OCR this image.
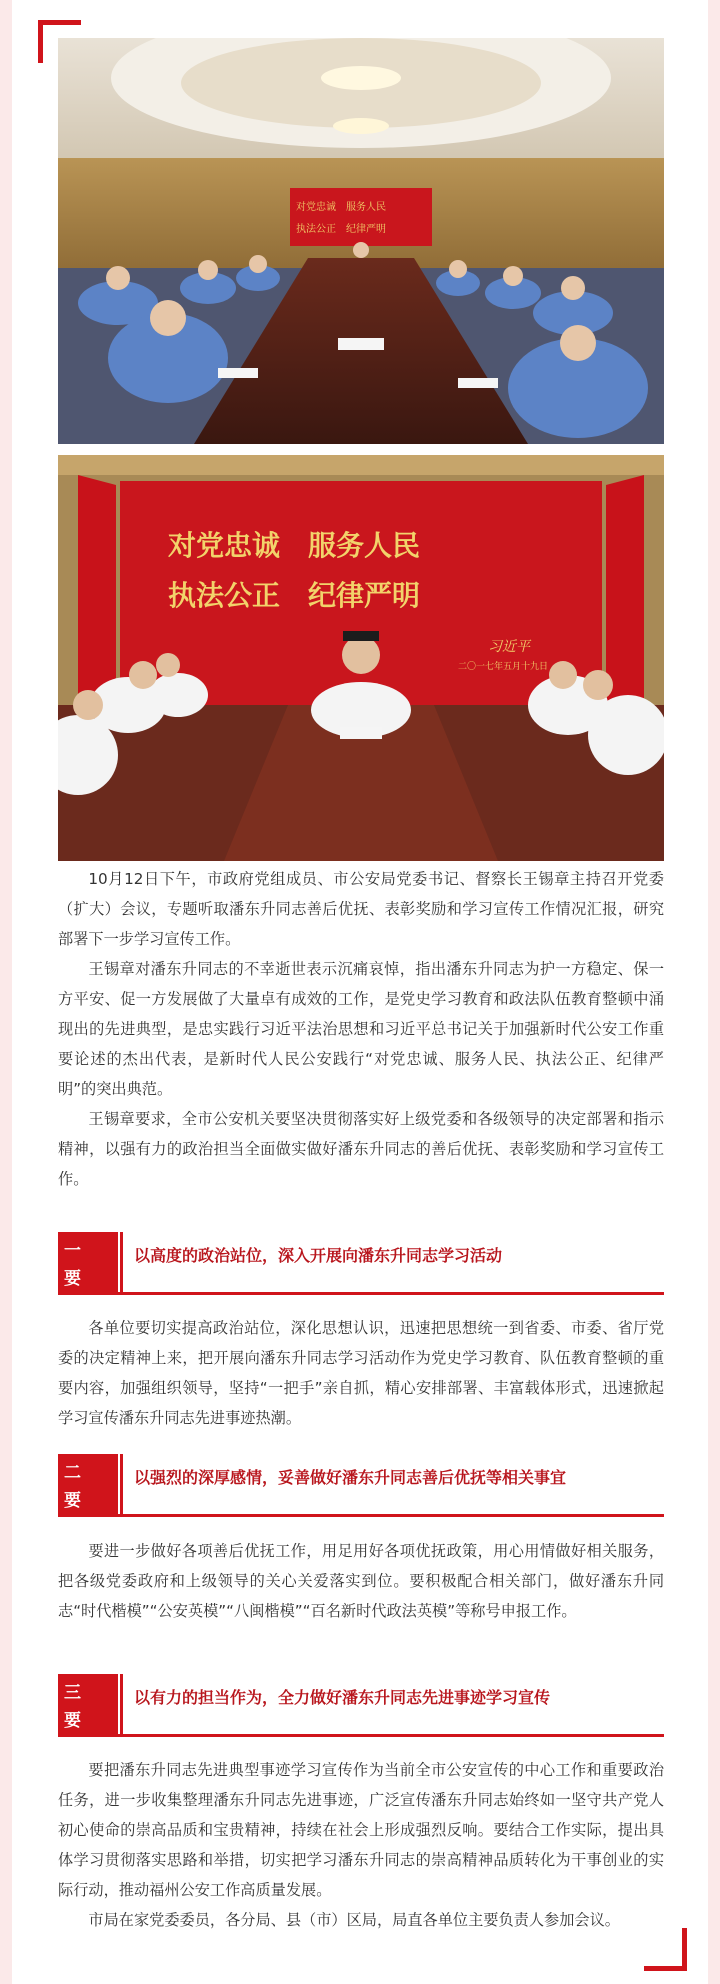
对党忠诚　服务人民
执法公正　纪律严明
对党忠诚　服务人民
执法公正　纪律严明
习近平
二〇一七年五月十九日

10月12日下午，市政府党组成员、市公安局党委书记、督察长王锡章主持召开党委（扩大）会议，专题听取潘东升同志善后优抚、表彰奖励和学习宣传工作情况汇报，研究部署下一步学习宣传工作。

王锡章对潘东升同志的不幸逝世表示沉痛哀悼，指出潘东升同志为护一方稳定、保一方平安、促一方发展做了大量卓有成效的工作，是党史学习教育和政法队伍教育整顿中涌现出的先进典型，是忠实践行习近平法治思想和习近平总书记关于加强新时代公安工作重要论述的杰出代表，是新时代人民公安践行“对党忠诚、服务人民、执法公正、纪律严明”的突出典范。

王锡章要求，全市公安机关要坚决贯彻落实好上级党委和各级领导的决定部署和指示精神，以强有力的政治担当全面做实做好潘东升同志的善后优抚、表彰奖励和学习宣传工作。

一
要
以高度的政治站位，深入开展向潘东升同志学习活动

各单位要切实提高政治站位，深化思想认识，迅速把思想统一到省委、市委、省厅党委的决定精神上来，把开展向潘东升同志学习活动作为党史学习教育、队伍教育整顿的重要内容，加强组织领导，坚持“一把手”亲自抓，精心安排部署、丰富载体形式，迅速掀起学习宣传潘东升同志先进事迹热潮。

二
要
以强烈的深厚感情，妥善做好潘东升同志善后优抚等相关事宜

要进一步做好各项善后优抚工作，用足用好各项优抚政策，用心用情做好相关服务，把各级党委政府和上级领导的关心关爱落实到位。要积极配合相关部门，做好潘东升同志“时代楷模”“公安英模”“八闽楷模”“百名新时代政法英模”等称号申报工作。

三
要
以有力的担当作为，全力做好潘东升同志先进事迹学习宣传

要把潘东升同志先进典型事迹学习宣传作为当前全市公安宣传的中心工作和重要政治任务，进一步收集整理潘东升同志先进事迹，广泛宣传潘东升同志始终如一坚守共产党人初心使命的崇高品质和宝贵精神，持续在社会上形成强烈反响。要结合工作实际，提出具体学习贯彻落实思路和举措，切实把学习潘东升同志的崇高精神品质转化为干事创业的实际行动，推动福州公安工作高质量发展。

市局在家党委委员，各分局、县（市）区局，局直各单位主要负责人参加会议。
